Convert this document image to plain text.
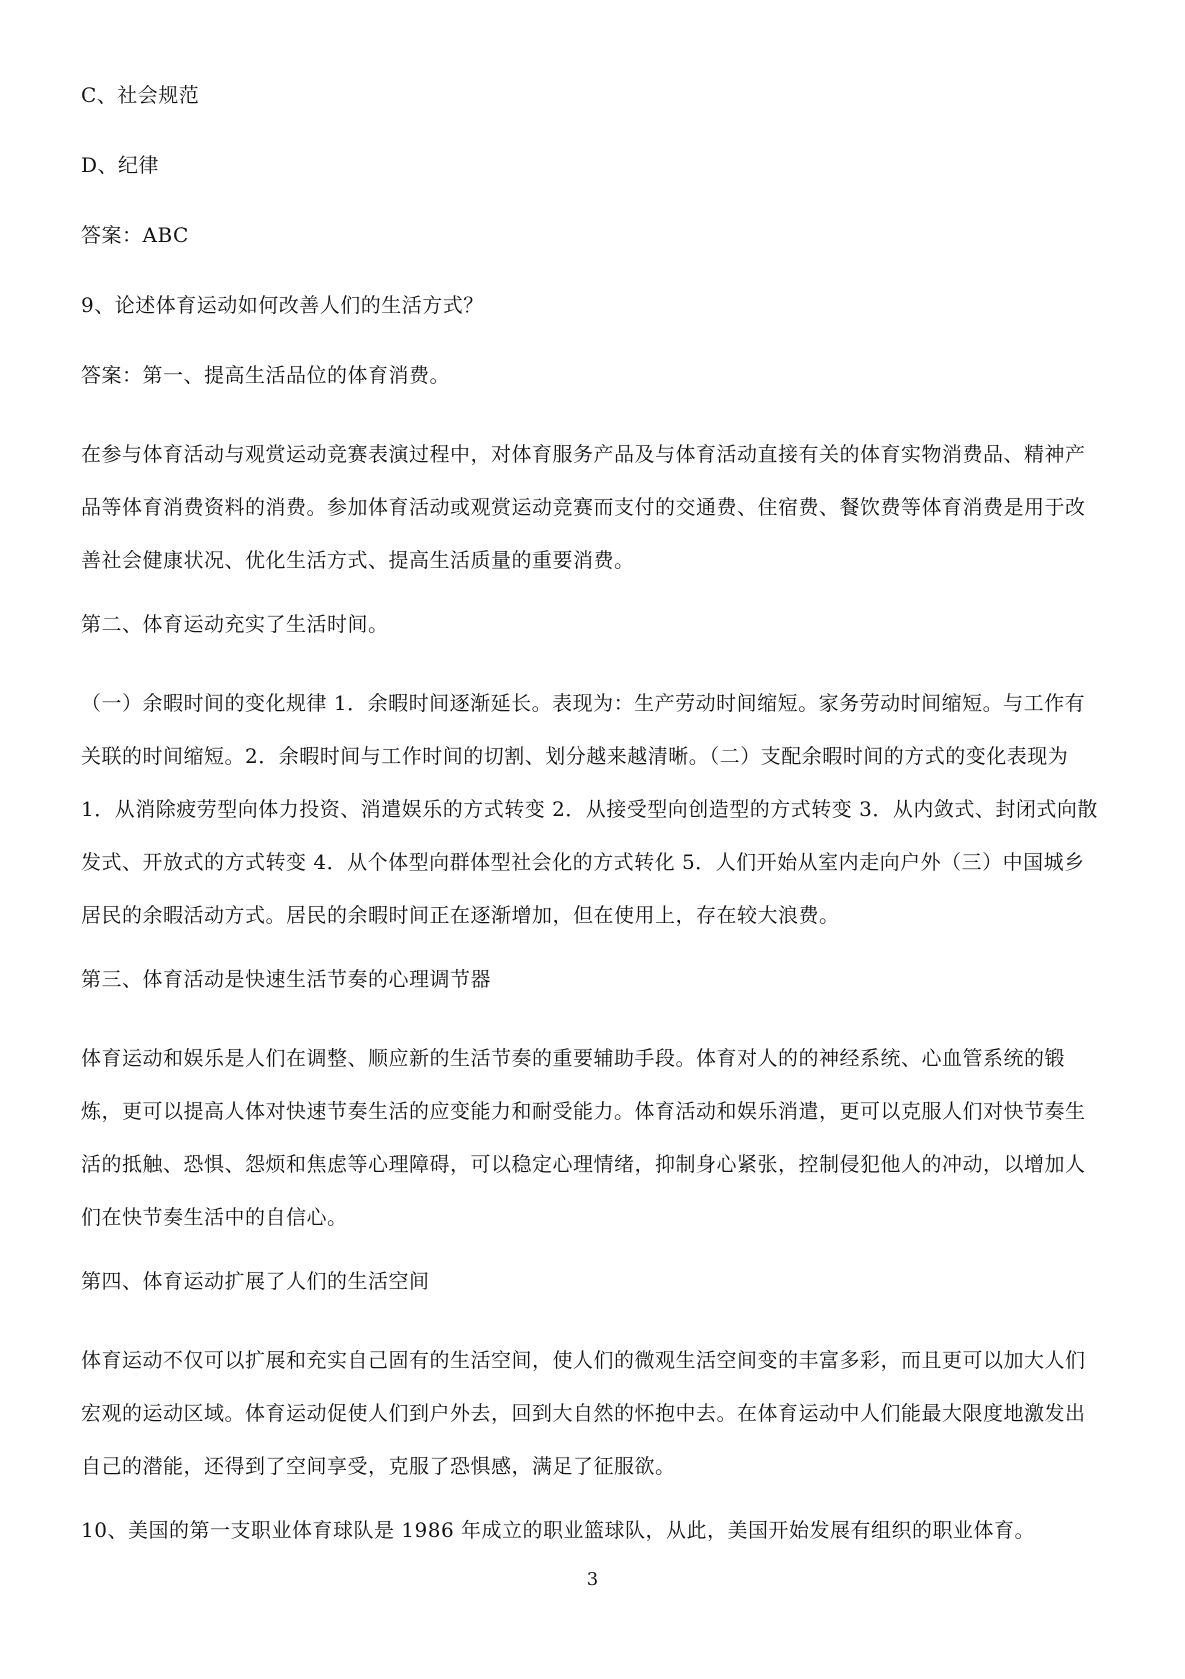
C、社会规范

D、纪律

答案：ABC

9、论述体育运动如何改善人们的生活方式？

答案：第一、提高生活品位的体育消费。

在参与体育活动与观赏运动竞赛表演过程中，对体育服务产品及与体育活动直接有关的体育实物消费品、精神产品等体育消费资料的消费。参加体育活动或观赏运动竞赛而支付的交通费、住宿费、餐饮费等体育消费是用于改善社会健康状况、优化生活方式、提高生活质量的重要消费。

第二、体育运动充实了生活时间。

（一）余暇时间的变化规律 1．余暇时间逐渐延长。表现为：生产劳动时间缩短。家务劳动时间缩短。与工作有关联的时间缩短。2．余暇时间与工作时间的切割、划分越来越清晰。（二）支配余暇时间的方式的变化表现为 1．从消除疲劳型向体力投资、消遣娱乐的方式转变 2．从接受型向创造型的方式转变 3．从内敛式、封闭式向散发式、开放式的方式转变 4．从个体型向群体型社会化的方式转化 5．人们开始从室内走向户外（三）中国城乡居民的余暇活动方式。居民的余暇时间正在逐渐增加，但在使用上，存在较大浪费。

第三、体育活动是快速生活节奏的心理调节器

体育运动和娱乐是人们在调整、顺应新的生活节奏的重要辅助手段。体育对人的的神经系统、心血管系统的锻炼，更可以提高人体对快速节奏生活的应变能力和耐受能力。体育活动和娱乐消遣，更可以克服人们对快节奏生活的抵触、恐惧、怨烦和焦虑等心理障碍，可以稳定心理情绪，抑制身心紧张，控制侵犯他人的冲动，以增加人们在快节奏生活中的自信心。

第四、体育运动扩展了人们的生活空间

体育运动不仅可以扩展和充实自己固有的生活空间，使人们的微观生活空间变的丰富多彩，而且更可以加大人们宏观的运动区域。体育运动促使人们到户外去，回到大自然的怀抱中去。在体育运动中人们能最大限度地激发出自己的潜能，还得到了空间享受，克服了恐惧感，满足了征服欲。

10、美国的第一支职业体育球队是 1986 年成立的职业篮球队，从此，美国开始发展有组织的职业体育。

3
